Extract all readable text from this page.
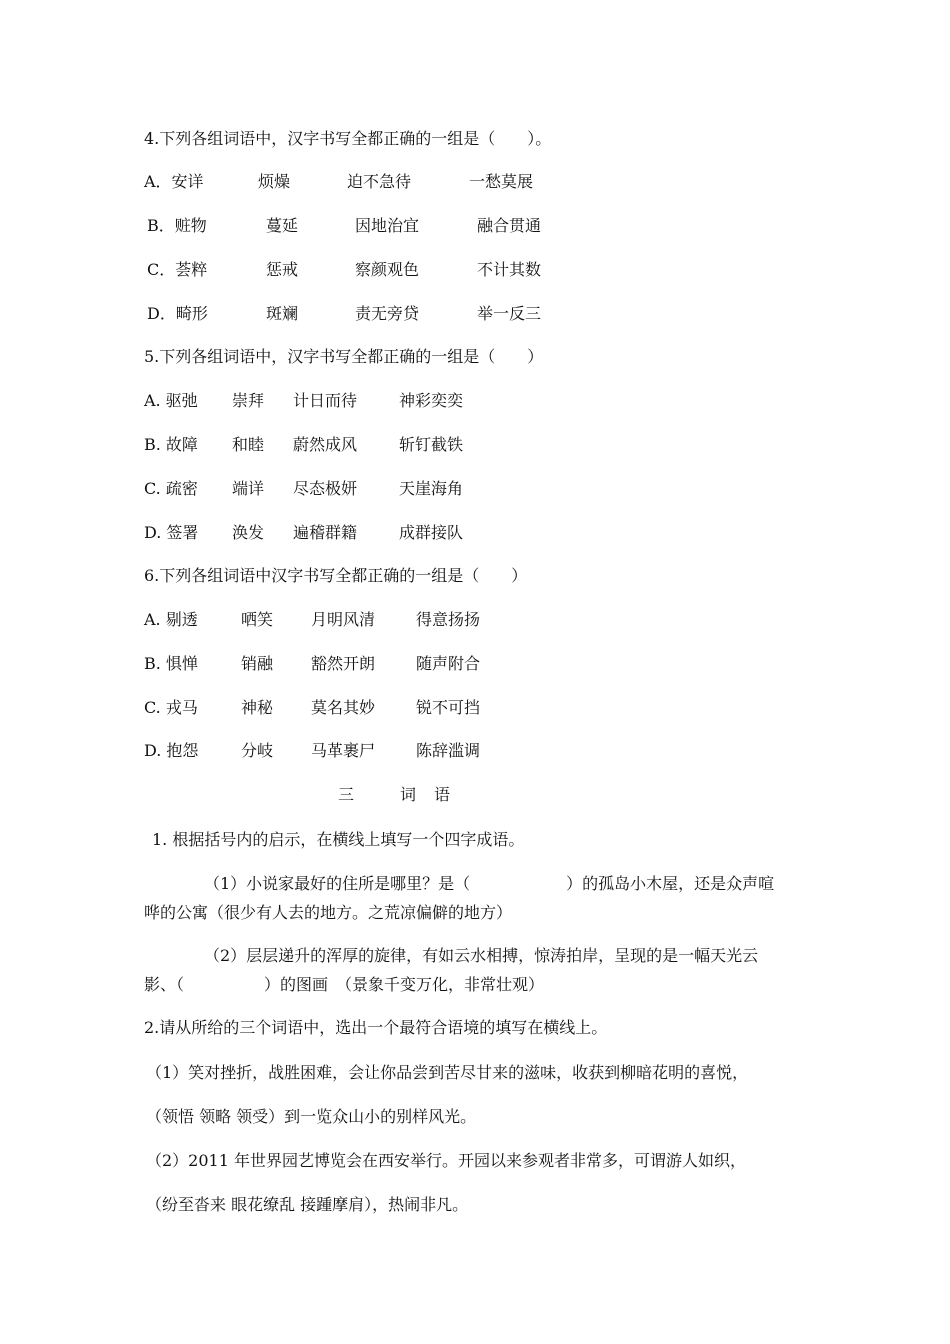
4.下列各组词语中，汉字书写全都正确的一组是（　　）。
A．安详	烦燥	迫不急待	一愁莫展
B．赃物	蔓延	因地治宜	融合贯通
C．荟粹	惩戒	察颜观色	不计其数
D．畸形	斑斓	责无旁贷	举一反三
5.下列各组词语中，汉字书写全都正确的一组是（　　）
A. 驱弛 崇拜 计日而待	神彩奕奕
B. 故障 和睦 蔚然成风	斩钉截铁
C. 疏密 端详 尽态极妍	天崖海角
D. 签署 涣发 遍稽群籍	成群接队
6.下列各组词语中汉字书写全都正确的一组是（　　）
A. 剔透	哂笑 月明风清	得意扬扬
B. 惧惮	销融 豁然开朗	随声附合
C. 戎马	神秘 莫名其妙	锐不可挡
D. 抱怨	分岐 马革裹尸	陈辞滥调
三	词 语
1. 根据括号内的启示，在横线上填写一个四字成语。
（1）小说家最好的住所是哪里？是（　　　　　　）的孤岛小木屋，还是众声喧
哗的公寓（很少有人去的地方。之荒凉偏僻的地方）
（2）层层递升的浑厚的旋律，有如云水相搏，惊涛拍岸，呈现的是一幅天光云
影、（　　　　　）的图画　（景象千变万化，非常壮观）
2.请从所给的三个词语中，选出一个最符合语境的填写在横线上。
（1）笑对挫折，战胜困难，会让你品尝到苦尽甘来的滋味，收获到柳暗花明的喜悦，
（领悟 领略 领受）到一览众山小的别样风光。
（2）2011 年世界园艺博览会在西安举行。开园以来参观者非常多，可谓游人如织，
（纷至沓来 眼花缭乱 接踵摩肩），热闹非凡。
